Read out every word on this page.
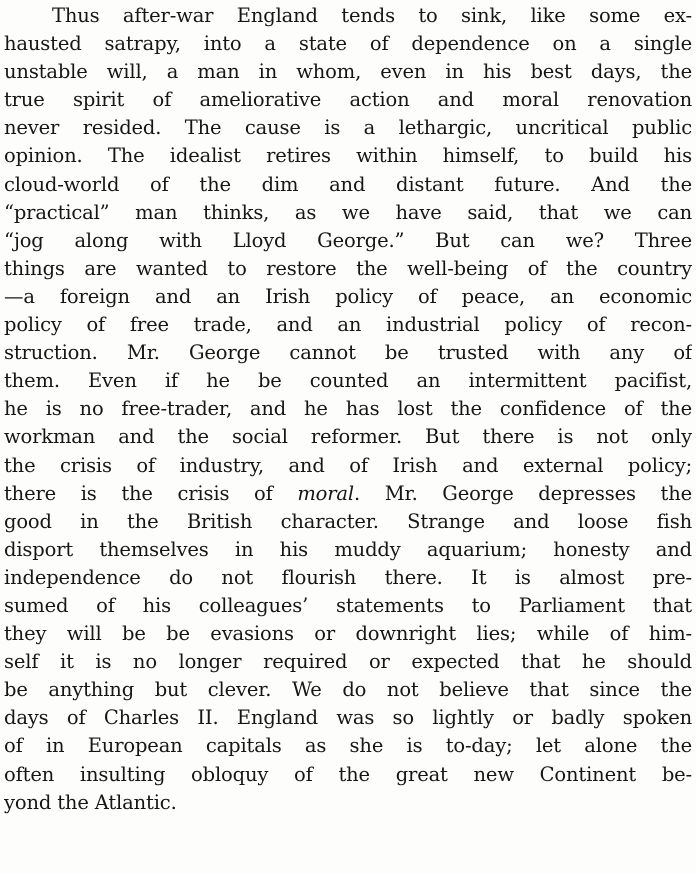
Thus after-war England tends to sink, like some ex-
hausted satrapy, into a state of dependence on a single
unstable will, a man in whom, even in his best days, the
true spirit of ameliorative action and moral renovation
never resided. The cause is a lethargic, uncritical public
opinion. The idealist retires within himself, to build his
cloud-world of the dim and distant future. And the
“practical” man thinks, as we have said, that we can
“jog along with Lloyd George.” But can we? Three
things are wanted to restore the well-being of the country
—a foreign and an Irish policy of peace, an economic
policy of free trade, and an industrial policy of recon-
struction. Mr. George cannot be trusted with any of
them. Even if he be counted an intermittent pacifist,
he is no free-trader, and he has lost the confidence of the
workman and the social reformer. But there is not only
the crisis of industry, and of Irish and external policy;
there is the crisis of moral. Mr. George depresses the
good in the British character. Strange and loose fish
disport themselves in his muddy aquarium; honesty and
independence do not flourish there. It is almost pre-
sumed of his colleagues’ statements to Parliament that
they will be be evasions or downright lies; while of him-
self it is no longer required or expected that he should
be anything but clever. We do not believe that since the
days of Charles II. England was so lightly or badly spoken
of in European capitals as she is to-day; let alone the
often insulting obloquy of the great new Continent be-
yond the Atlantic.
